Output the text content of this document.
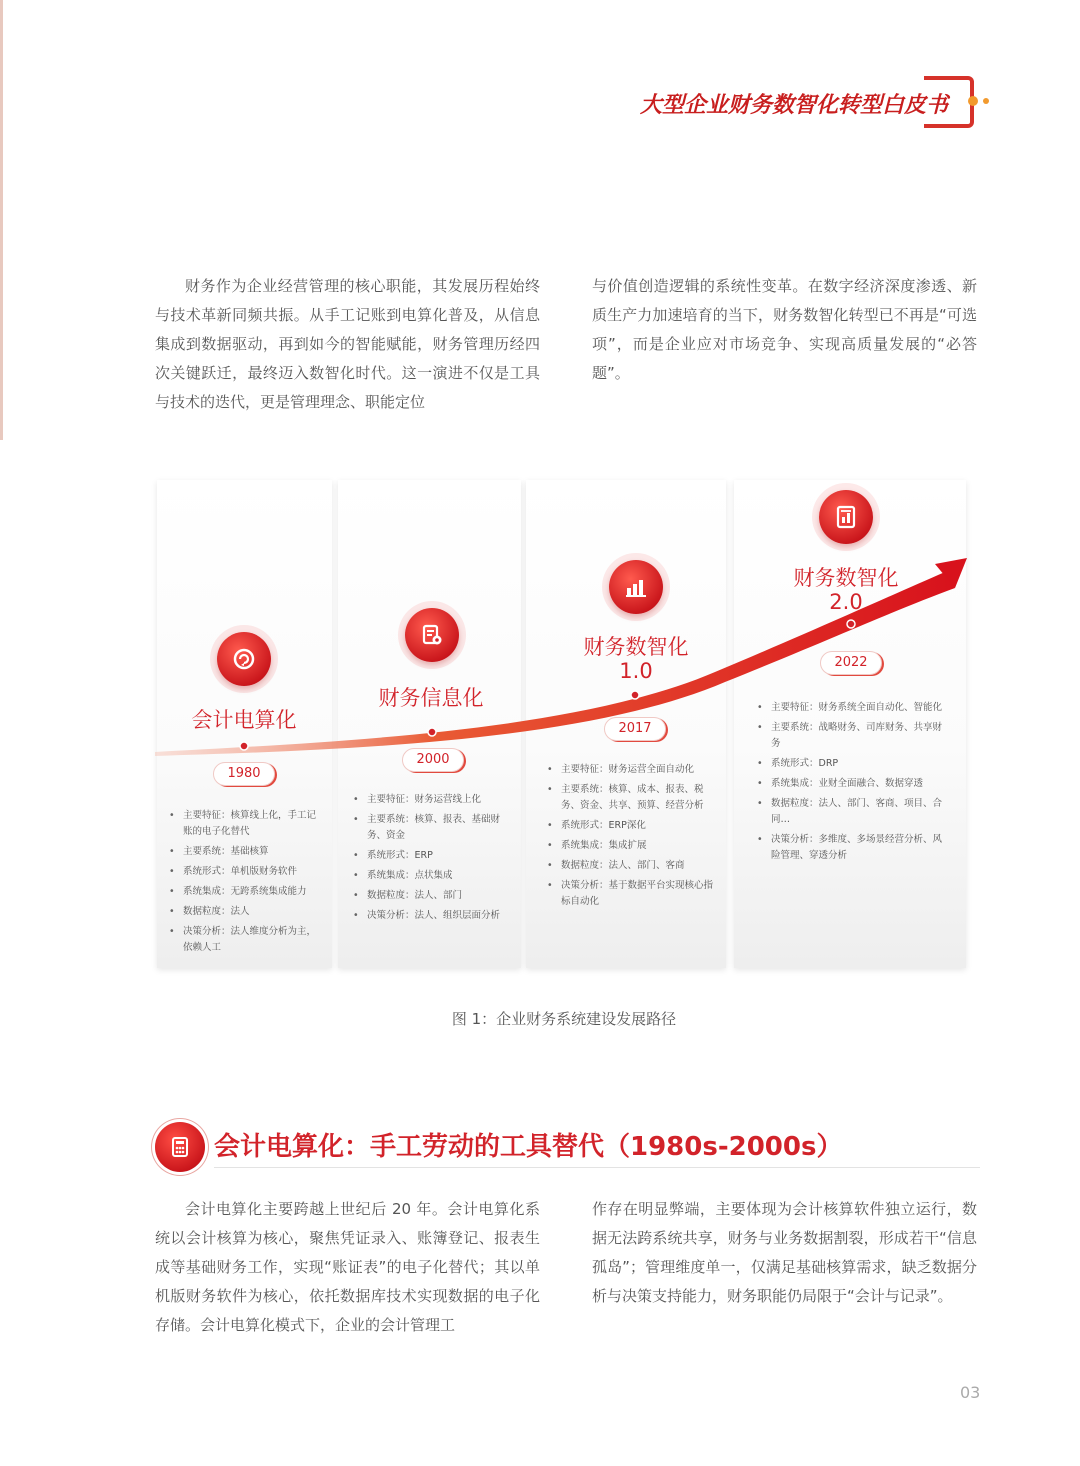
大型企业财务数智化转型白皮书

财务作为企业经营管理的核心职能，其发展历程始终与技术革新同频共振。从手工记账到电算化普及，从信息集成到数据驱动，再到如今的智能赋能，财务管理历经四次关键跃迁，最终迈入数智化时代。这一演进不仅是工具与技术的迭代，更是管理理念、职能定位

与价值创造逻辑的系统性变革。在数字经济深度渗透、新质生产力加速培育的当下，财务数智化转型已不再是“可选项”，而是企业应对市场竞争、实现高质量发展的“必答题”。

会计电算化
1980
• 主要特征：核算线上化，手工记账的电子化替代
• 主要系统：基础核算
• 系统形式：单机版财务软件
• 系统集成：无跨系统集成能力
• 数据粒度：法人
• 决策分析：法人维度分析为主，依赖人工
财务信息化
2000
• 主要特征：财务运营线上化
• 主要系统：核算、报表、基础财务、资金
• 系统形式：ERP
• 系统集成：点状集成
• 数据粒度：法人、部门
• 决策分析：法人、组织层面分析
财务数智化
1.0
2017
• 主要特征：财务运营全面自动化
• 主要系统：核算、成本、报表、税务、资金、共享、预算、经营分析
• 系统形式：ERP深化
• 系统集成：集成扩展
• 数据粒度：法人、部门、客商
• 决策分析：基于数据平台实现核心指标自动化
财务数智化
2.0
2022
• 主要特征：财务系统全面自动化、智能化
• 主要系统：战略财务、司库财务、共享财务
• 系统形式：DRP
• 系统集成：业财全面融合、数据穿透
• 数据粒度：法人、部门、客商、项目、合同…
• 决策分析：多维度、多场景经营分析、风险管理、穿透分析
图 1：企业财务系统建设发展路径
会计电算化：手工劳动的工具替代（1980s-2000s）

会计电算化主要跨越上世纪后 20 年。会计电算化系统以会计核算为核心，聚焦凭证录入、账簿登记、报表生成等基础财务工作，实现“账证表”的电子化替代；其以单机版财务软件为核心，依托数据库技术实现数据的电子化存储。会计电算化模式下，企业的会计管理工

作存在明显弊端，主要体现为会计核算软件独立运行，数据无法跨系统共享，财务与业务数据割裂，形成若干“信息孤岛”；管理维度单一，仅满足基础核算需求，缺乏数据分析与决策支持能力，财务职能仍局限于“会计与记录”。

03
